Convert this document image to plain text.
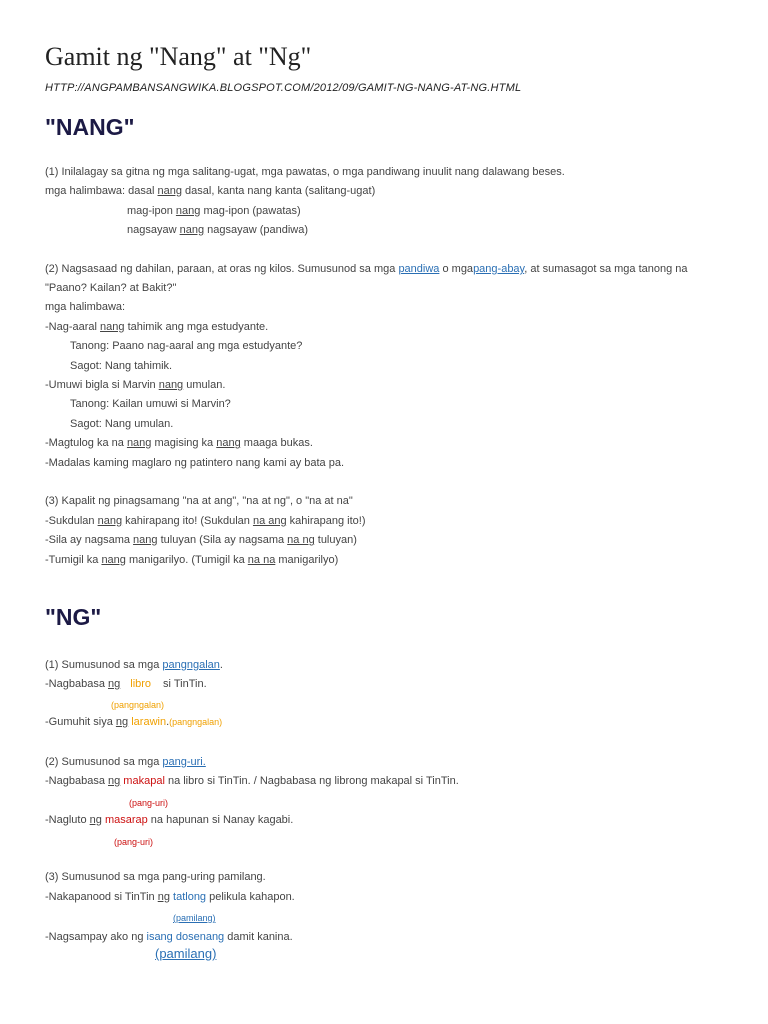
Gamit ng "Nang" at "Ng"
HTTP://ANGPAMBANSANGWIKA.BLOGSPOT.COM/2012/09/GAMIT-NG-NANG-AT-NG.HTML
"NANG"
(1) Inilalagay sa gitna ng mga salitang-ugat, mga pawatas, o mga pandiwang inuulit nang dalawang beses.
mga halimbawa: dasal nang dasal, kanta nang kanta (salitang-ugat)
mag-ipon nang mag-ipon (pawatas)
nagsayaw nang nagsayaw (pandiwa)
(2) Nagsasaad ng dahilan, paraan, at oras ng kilos. Sumusunod sa mga pandiwa o mgapang-abay, at sumasagot sa mga tanong na
"Paano? Kailan? at Bakit?"
mga halimbawa:
-Nag-aaral nang tahimik ang mga estudyante.
Tanong: Paano nag-aaral ang mga estudyante?
Sagot: Nang tahimik.
-Umuwi bigla si Marvin nang umulan.
Tanong: Kailan umuwi si Marvin?
Sagot: Nang umulan.
-Magtulog ka na nang magising ka nang maaga bukas.
-Madalas kaming maglaro ng patintero nang kami ay bata pa.
(3) Kapalit ng pinagsamang "na at ang", "na at ng", o "na at na"
-Sukdulan nang kahirapang ito! (Sukdulan na ang kahirapang ito!)
-Sila ay nagsama nang tuluyan (Sila ay nagsama na ng tuluyan)
-Tumigil ka nang manigarilyo. (Tumigil ka na na manigarilyo)
"NG"
(1) Sumusunod sa mga pangngalan.
-Nagbabasa ng libro si TinTin.
(pangngalan)
-Gumuhit siya ng larawin.(pangngalan)
(2) Sumusunod sa mga pang-uri.
-Nagbabasa ng makapal na libro si TinTin. / Nagbabasa ng librong makapal si TinTin.
(pang-uri)
-Nagluto ng masarap na hapunan si Nanay kagabi.
(pang-uri)
(3) Sumusunod sa mga pang-uring pamilang.
-Nakapanood si TinTin ng tatlong pelikula kahapon.
(pamilang)
-Nagsampay ako ng isang dosenang damit kanina.
(pamilang)
